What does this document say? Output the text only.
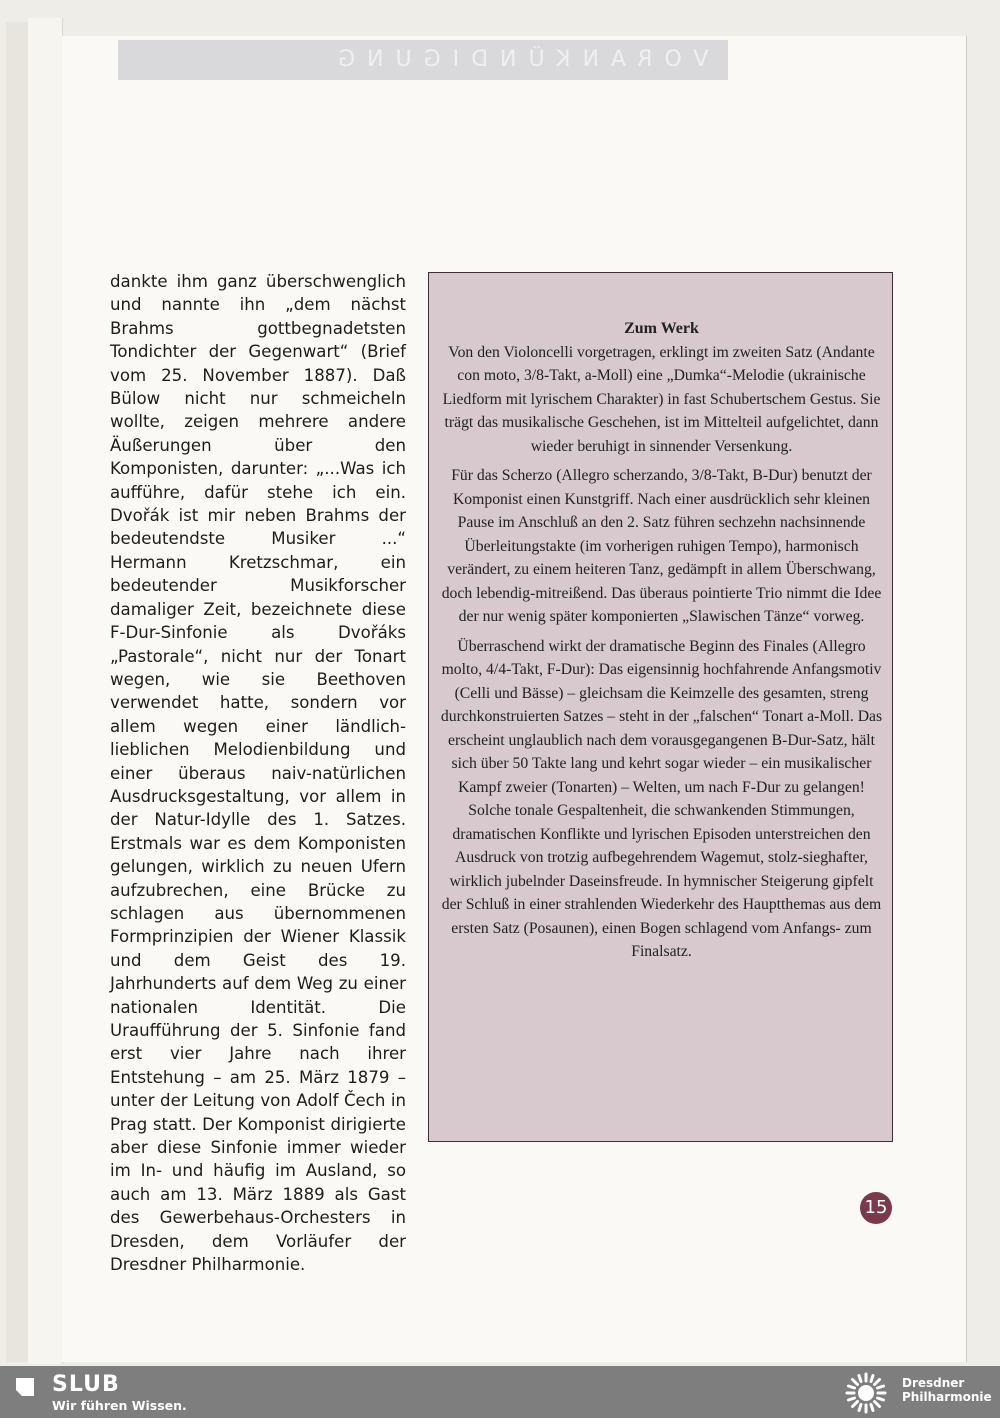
VORANKÜNDIGUNG

dankte ihm ganz überschwenglich und nannte ihn „dem nächst Brahms gottbegnadetsten Tondichter der Gegenwart“ (Brief vom 25. November 1887). Daß Bülow nicht nur schmeicheln wollte, zeigen mehrere andere Äußerungen über den Komponisten, darunter: „...Was ich aufführe, dafür stehe ich ein. Dvořák ist mir neben Brahms der bedeutendste Musiker ...“ Hermann Kretzschmar, ein bedeutender Musikforscher damaliger Zeit, bezeichnete diese F-Dur-Sinfonie als Dvořáks „Pastorale“, nicht nur der Tonart wegen, wie sie Beethoven verwendet hatte, sondern vor allem wegen einer ländlich-lieblichen Melodienbildung und einer überaus naiv-natürlichen Ausdrucksgestaltung, vor allem in der Natur-Idylle des 1. Satzes. Erstmals war es dem Komponisten gelungen, wirklich zu neuen Ufern aufzubrechen, eine Brücke zu schlagen aus übernommenen Formprinzipien der Wiener Klassik und dem Geist des 19. Jahrhunderts auf dem Weg zu einer nationalen Identität. Die Uraufführung der 5. Sinfonie fand erst vier Jahre nach ihrer Entstehung – am 25. März 1879 – unter der Leitung von Adolf Čech in Prag statt. Der Komponist dirigierte aber diese Sinfonie immer wieder im In- und häufig im Ausland, so auch am 13. März 1889 als Gast des Gewerbehaus-Orchesters in Dresden, dem Vorläufer der Dresdner Philharmonie.

Zum Werk

Von den Violoncelli vorgetragen, erklingt im zweiten Satz (Andante con moto, 3/8-Takt, a-Moll) eine „Dumka“-Melodie (ukrainische Liedform mit lyrischem Charakter) in fast Schubertschem Gestus. Sie trägt das musikalische Geschehen, ist im Mittelteil aufgelichtet, dann wieder beruhigt in sinnender Versenkung.

Für das Scherzo (Allegro scherzando, 3/8-Takt, B-Dur) benutzt der Komponist einen Kunstgriff. Nach einer ausdrücklich sehr kleinen Pause im Anschluß an den 2. Satz führen sechzehn nachsinnende Überleitungstakte (im vorherigen ruhigen Tempo), harmonisch verändert, zu einem heiteren Tanz, gedämpft in allem Überschwang, doch lebendig-mitreißend. Das überaus pointierte Trio nimmt die Idee der nur wenig später komponierten „Slawischen Tänze“ vorweg.

Überraschend wirkt der dramatische Beginn des Finales (Allegro molto, 4/4-Takt, F-Dur): Das eigensinnig hochfahrende Anfangsmotiv (Celli und Bässe) – gleichsam die Keimzelle des gesamten, streng durchkonstruierten Satzes – steht in der „falschen“ Tonart a-Moll. Das erscheint unglaublich nach dem vorausgegangenen B-Dur-Satz, hält sich über 50 Takte lang und kehrt sogar wieder – ein musikalischer Kampf zweier (Tonarten) – Welten, um nach F-Dur zu gelangen! Solche tonale Gespaltenheit, die schwankenden Stimmungen, dramatischen Konflikte und lyrischen Episoden unterstreichen den Ausdruck von trotzig aufbegehrendem Wagemut, stolz-sieghafter, wirklich jubelnder Daseinsfreude. In hymnischer Steigerung gipfelt der Schluß in einer strahlenden Wiederkehr des Hauptthemas aus dem ersten Satz (Posaunen), einen Bogen schlagend vom Anfangs- zum Finalsatz.

15
SLUB
Wir führen Wissen.
Dresdner
Philharmonie
